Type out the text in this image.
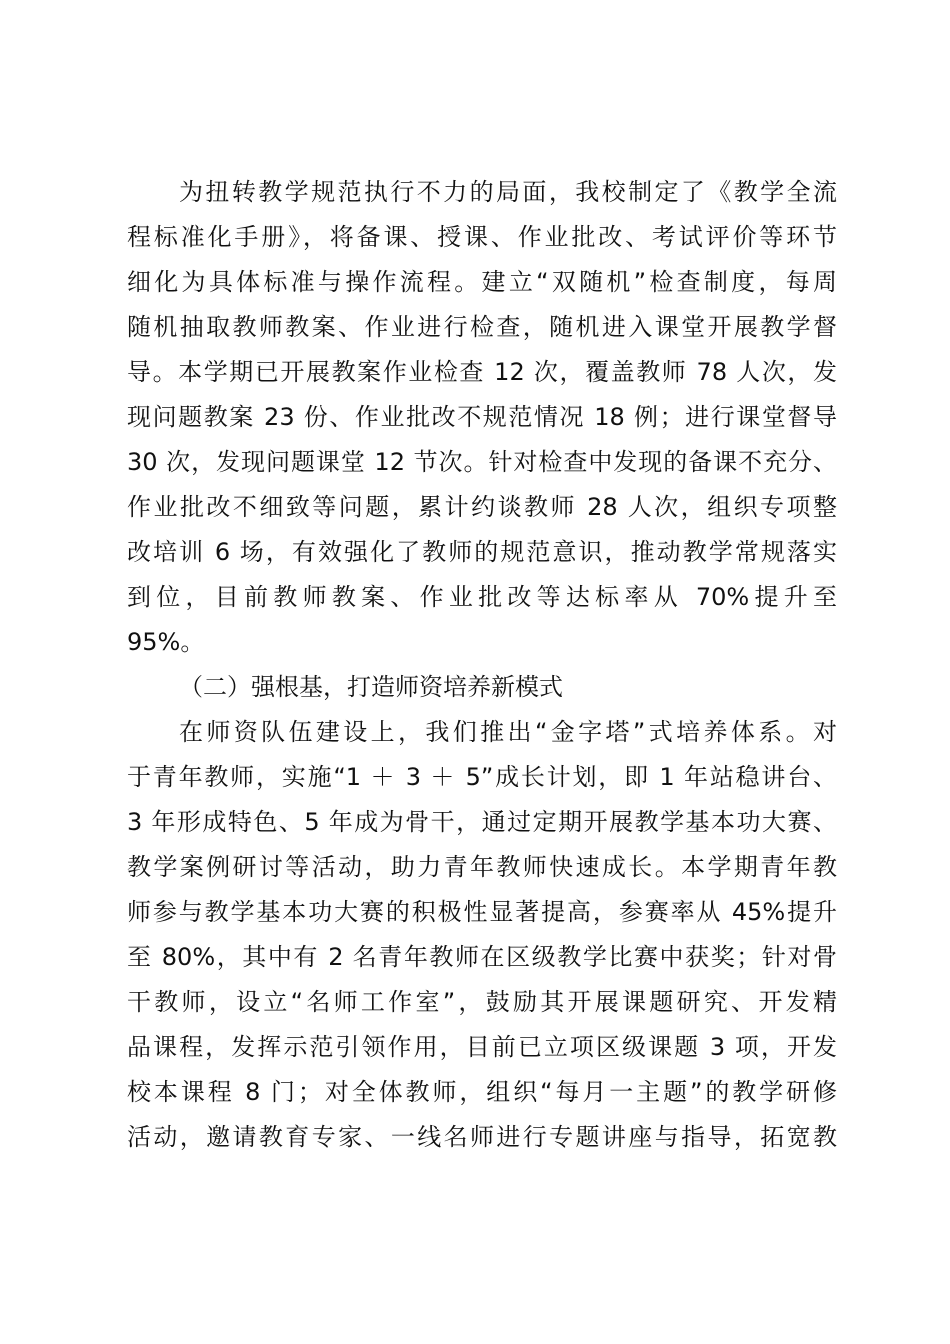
为扭转教学规范执行不力的局面，我校制定了《教学全流
程标准化手册》，将备课、授课、作业批改、考试评价等环节
细化为具体标准与操作流程。建立“双随机”检查制度，每周
随机抽取教师教案、作业进行检查，随机进入课堂开展教学督
导。本学期已开展教案作业检查 12 次，覆盖教师 78 人次，发
现问题教案 23 份、作业批改不规范情况 18 例；进行课堂督导
30 次，发现问题课堂 12 节次。针对检查中发现的备课不充分、
作业批改不细致等问题，累计约谈教师 28 人次，组织专项整
改培训 6 场，有效强化了教师的规范意识，推动教学常规落实
到位，目前教师教案、作业批改等达标率从 70%提升至
95%。
（二）强根基，打造师资培养新模式
在师资队伍建设上，我们推出“金字塔”式培养体系。对
于青年教师，实施“1 ＋ 3 ＋ 5”成长计划，即 1 年站稳讲台、
3 年形成特色、5 年成为骨干，通过定期开展教学基本功大赛、
教学案例研讨等活动，助力青年教师快速成长。本学期青年教
师参与教学基本功大赛的积极性显著提高，参赛率从 45%提升
至 80%，其中有 2 名青年教师在区级教学比赛中获奖；针对骨
干教师，设立“名师工作室”，鼓励其开展课题研究、开发精
品课程，发挥示范引领作用，目前已立项区级课题 3 项，开发
校本课程 8 门；对全体教师，组织“每月一主题”的教学研修
活动，邀请教育专家、一线名师进行专题讲座与指导，拓宽教
